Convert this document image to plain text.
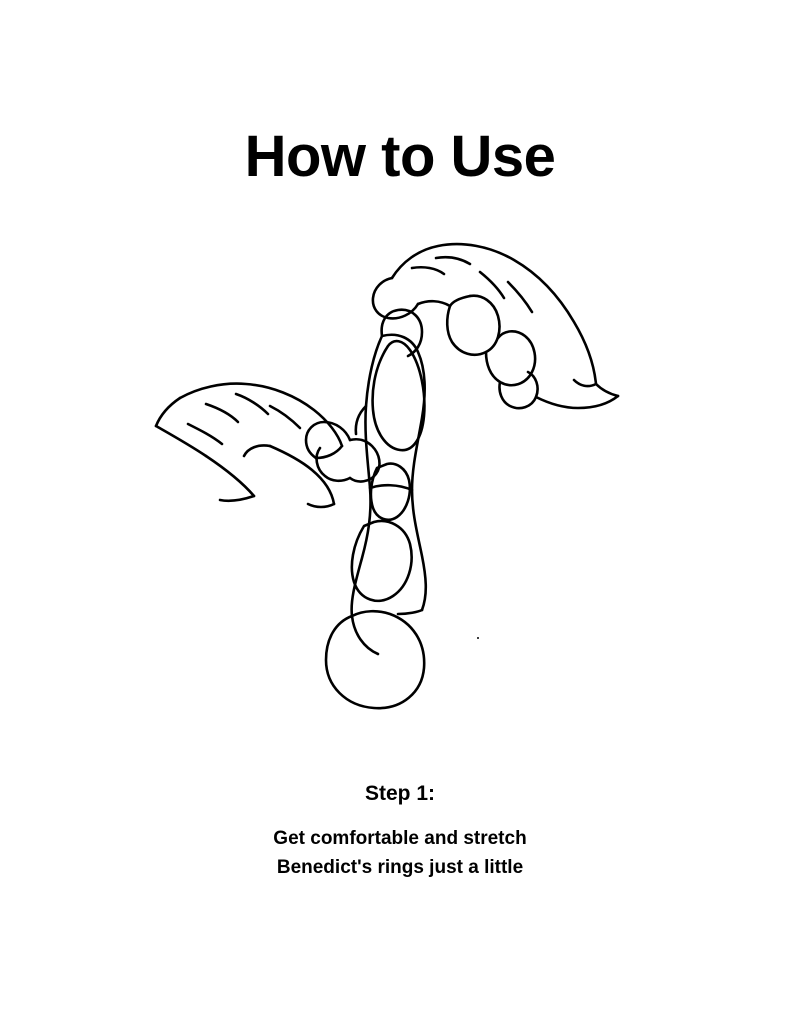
How to Use
Step 1:
Get comfortable and stretch
Benedict's rings just a little
